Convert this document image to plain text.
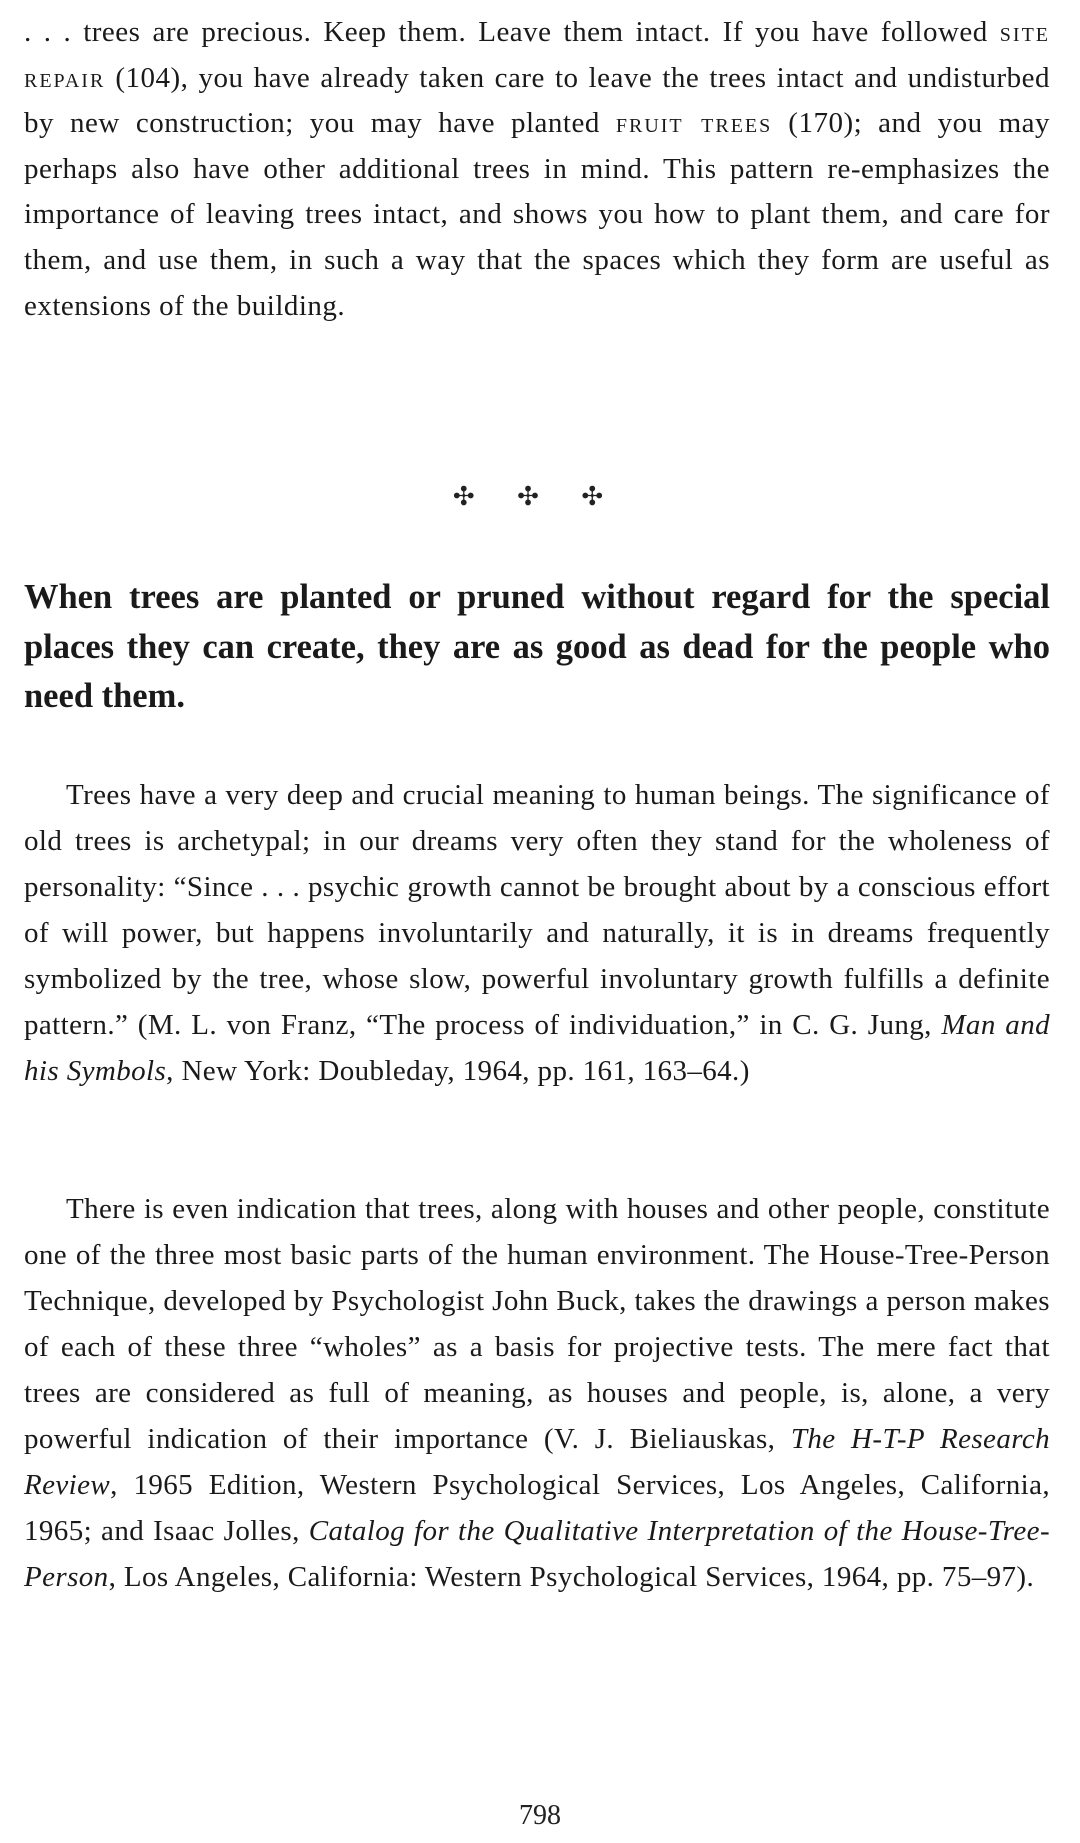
. . . trees are precious. Keep them. Leave them intact. If you have followed site repair (104), you have already taken care to leave the trees intact and undisturbed by new construction; you may have planted fruit trees (170); and you may perhaps also have other additional trees in mind. This pattern re-emphasizes the importance of leaving trees intact, and shows you how to plant them, and care for them, and use them, in such a way that the spaces which they form are useful as extensions of the building.

✣ ✣ ✣

When trees are planted or pruned without regard for the special places they can create, they are as good as dead for the people who need them.

Trees have a very deep and crucial meaning to human beings. The significance of old trees is archetypal; in our dreams very often they stand for the wholeness of personality: “Since . . . psychic growth cannot be brought about by a conscious effort of will power, but happens involuntarily and naturally, it is in dreams frequently symbolized by the tree, whose slow, powerful involuntary growth fulfills a definite pattern.” (M. L. von Franz, “The process of individuation,” in C. G. Jung, Man and his Symbols, New York: Doubleday, 1964, pp. 161, 163–64.)

There is even indication that trees, along with houses and other people, constitute one of the three most basic parts of the human environment. The House-Tree-Person Technique, developed by Psychologist John Buck, takes the drawings a person makes of each of these three “wholes” as a basis for projective tests. The mere fact that trees are considered as full of meaning, as houses and people, is, alone, a very powerful indication of their importance (V. J. Bieliauskas, The H-T-P Research Review, 1965 Edition, Western Psychological Services, Los Angeles, California, 1965; and Isaac Jolles, Catalog for the Qualitative Interpretation of the House-Tree-Person, Los Angeles, California: Western Psychological Services, 1964, pp. 75–97).

798
